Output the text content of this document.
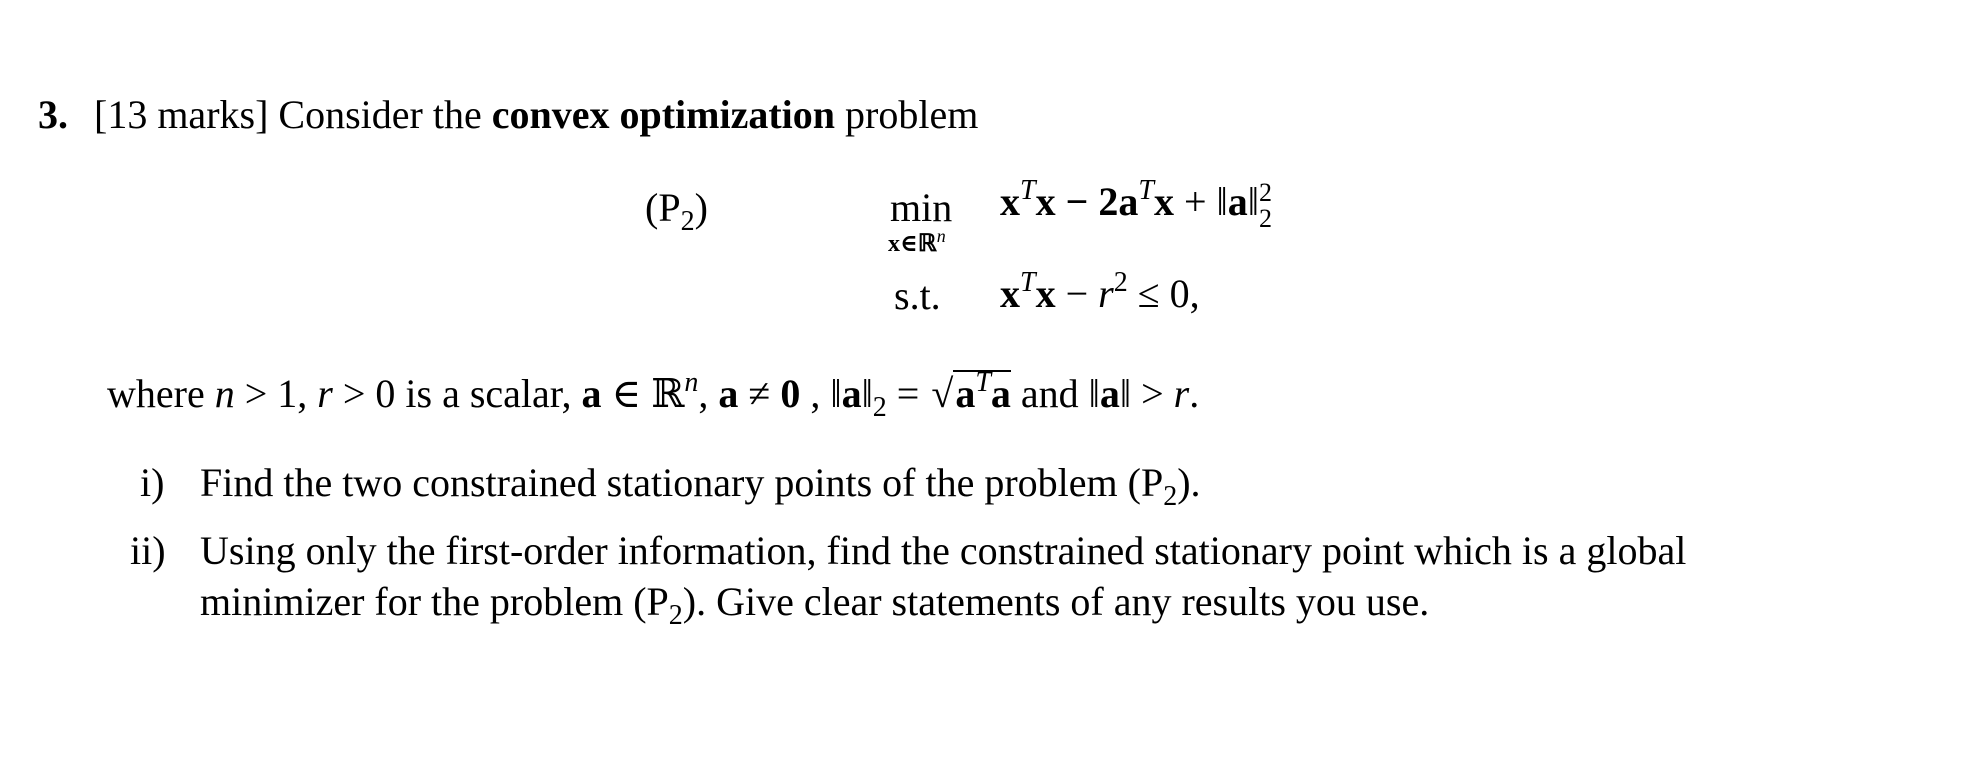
3. [13 marks] Consider the convex optimization problem
$(P_2)$	min
x∈ℝ$^n$
$x^Tx - 2a^Tx$ + ‖a‖ 2
2
s.t. $x^Tx - r^2 \le 0$,
where n > 1, r > 0 is a scalar, a ∈ ℝ$^n$, a ≠ 0 , $‖a‖_2 = √a^Ta$ and ‖a‖ > r.
i) Find the two constrained stationary points of the problem $(P_2)$.
ii) Using only the first-order information, find the constrained stationary point which is a global
minimizer for the problem $(P_2)$. Give clear statements of any results you use.
